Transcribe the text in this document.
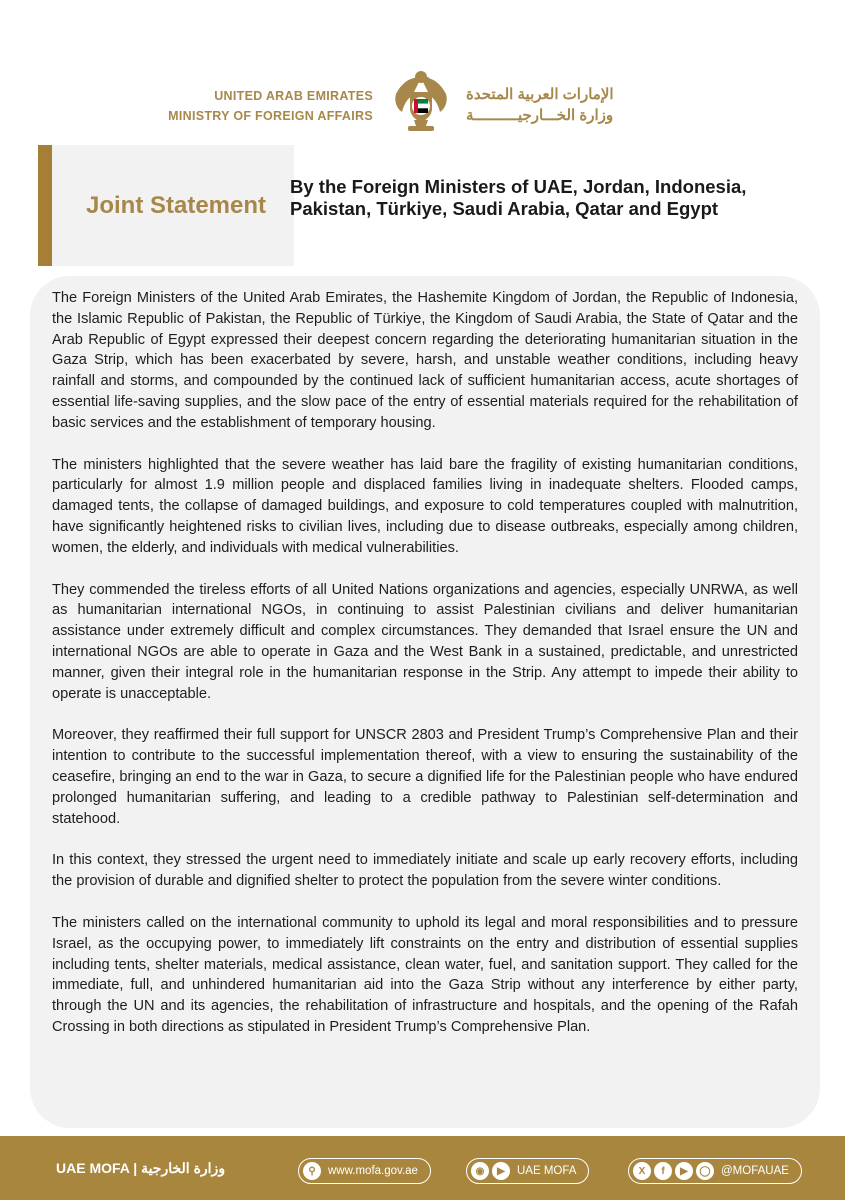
UNITED ARAB EMIRATES
MINISTRY OF FOREIGN AFFAIRS
الإمارات العربية المتحدة
وزارة الخـــارجيــــــــــة
Joint Statement
By the Foreign Ministers of UAE, Jordan, Indonesia, Pakistan, Türkiye, Saudi Arabia, Qatar and Egypt

The Foreign Ministers of the United Arab Emirates, the Hashemite Kingdom of Jordan, the Republic of Indonesia, the Islamic Republic of Pakistan, the Republic of Türkiye, the Kingdom of Saudi Arabia, the State of Qatar and the Arab Republic of Egypt expressed their deepest concern regarding the deteriorating humanitarian situation in the Gaza Strip, which has been exacerbated by severe, harsh, and unstable weather conditions, including heavy rainfall and storms, and compounded by the continued lack of sufficient humanitarian access, acute shortages of essential life-saving supplies, and the slow pace of the entry of essential materials required for the rehabilitation of basic services and the establishment of temporary housing.

The ministers highlighted that the severe weather has laid bare the fragility of existing humanitarian conditions, particularly for almost 1.9 million people and displaced families living in inadequate shelters. Flooded camps, damaged tents, the collapse of damaged buildings, and exposure to cold temperatures coupled with malnutrition, have significantly heightened risks to civilian lives, including due to disease outbreaks, especially among children, women, the elderly, and individuals with medical vulnerabilities.

They commended the tireless efforts of all United Nations organizations and agencies, especially UNRWA, as well as humanitarian international NGOs, in continuing to assist Palestinian civilians and deliver humanitarian assistance under extremely difficult and complex circumstances. They demanded that Israel ensure the UN and international NGOs are able to operate in Gaza and the West Bank in a sustained, predictable, and unrestricted manner, given their integral role in the humanitarian response in the Strip. Any attempt to impede their ability to operate is unacceptable.

Moreover, they reaffirmed their full support for UNSCR 2803 and President Trump’s Comprehensive Plan and their intention to contribute to the successful implementation thereof, with a view to ensuring the sustainability of the ceasefire, bringing an end to the war in Gaza, to secure a dignified life for the Palestinian people who have endured prolonged humanitarian suffering, and leading to a credible pathway to Palestinian self-determination and statehood.

In this context, they stressed the urgent need to immediately initiate and scale up early recovery efforts, including the provision of durable and dignified shelter to protect the population from the severe winter conditions.

The ministers called on the international community to uphold its legal and moral responsibilities and to pressure Israel, as the occupying power, to immediately lift constraints on the entry and distribution of essential supplies including tents, shelter materials, medical assistance, clean water, fuel, and sanitation support. They called for the immediate, full, and unhindered humanitarian aid into the Gaza Strip without any interference by either party, through the UN and its agencies, the rehabilitation of infrastructure and hospitals, and the opening of the Rafah Crossing in both directions as stipulated in President Trump’s Comprehensive Plan.

UAE MOFA | وزارة الخارجية	⚲	www.mofa.gov.ae	◉	▶	UAE MOFA	X	f	▶	◯ @MOFAUAE
